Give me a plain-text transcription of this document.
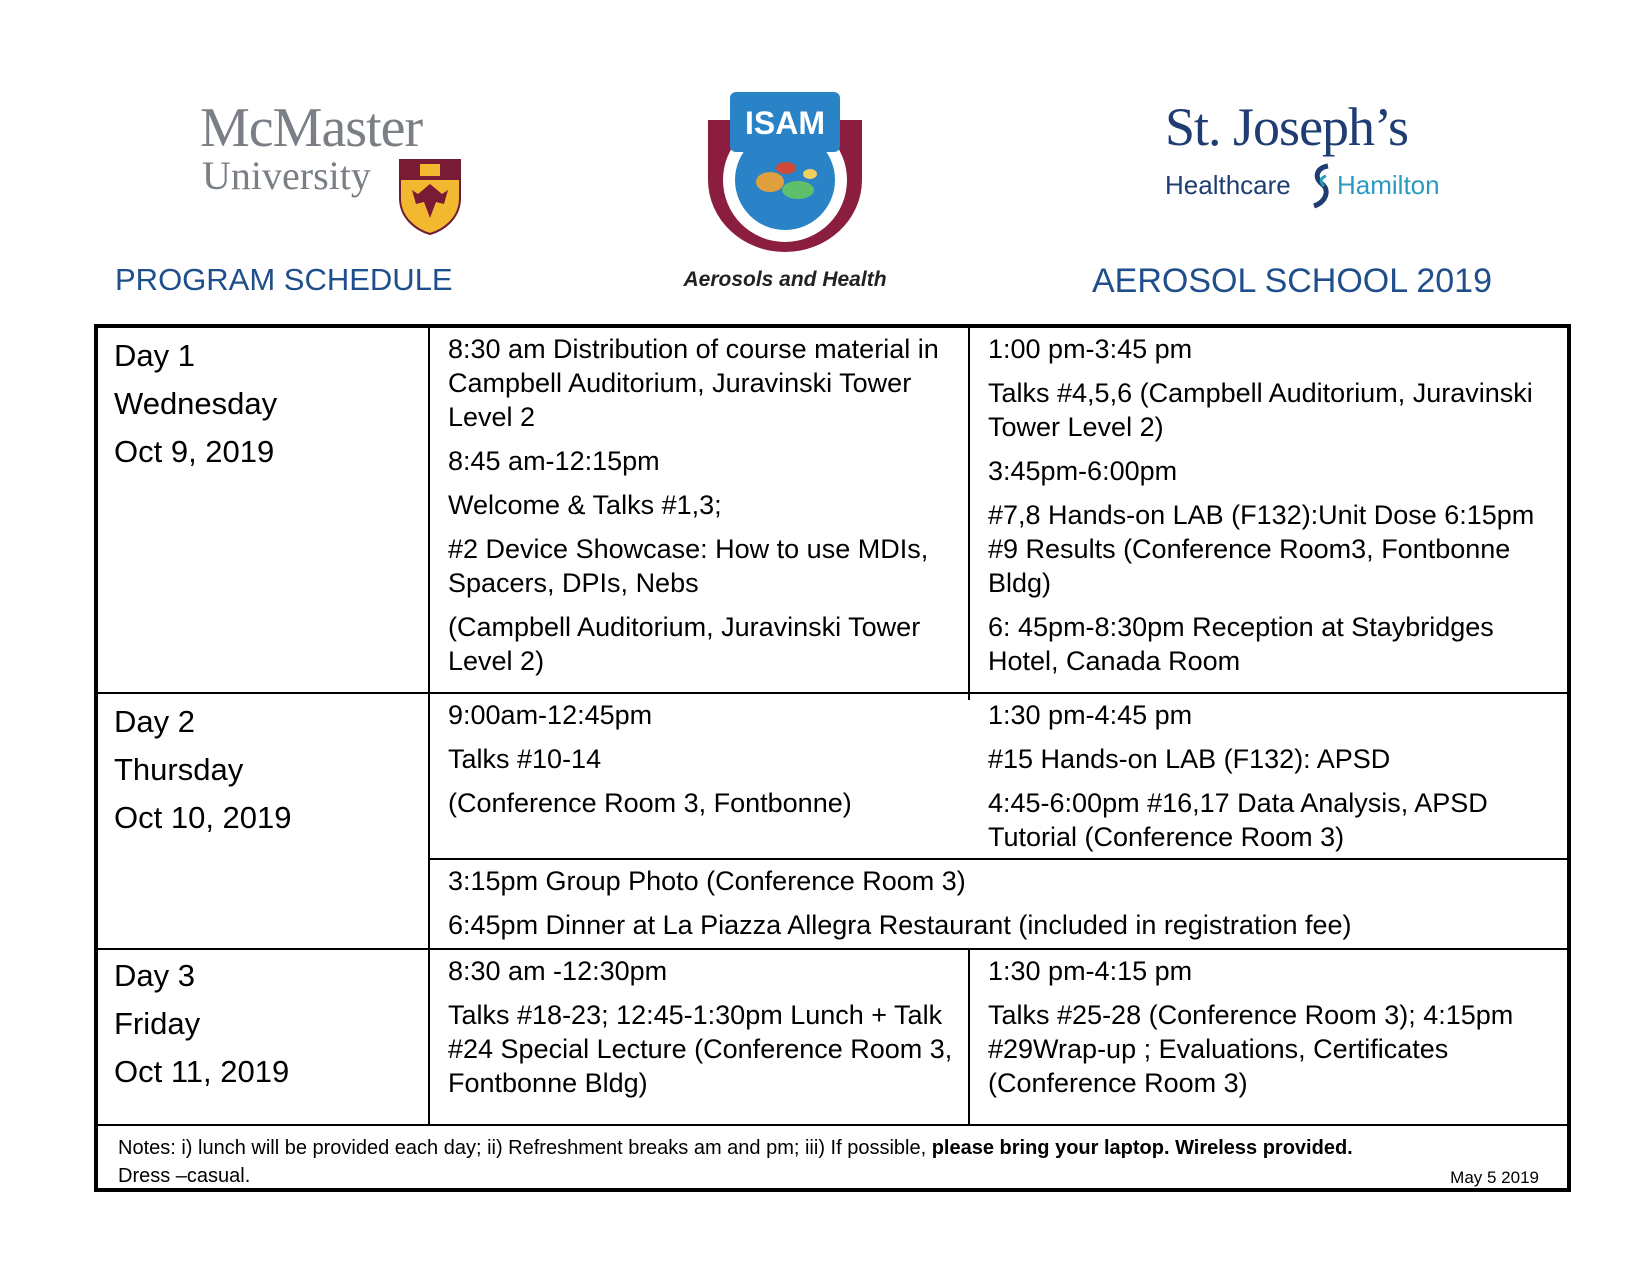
McMaster
University
ISAM
Aerosols and Health
St. Joseph’s
Healthcare Hamilton
PROGRAM SCHEDULE	AEROSOL SCHOOL 2019

Day 1

Wednesday

Oct 9, 2019

8:30 am Distribution of course material in Campbell Auditorium, Juravinski Tower Level 2

8:45 am-12:15pm

Welcome & Talks #1,3;

#2 Device Showcase: How to use MDIs, Spacers, DPIs, Nebs

(Campbell Auditorium, Juravinski Tower Level 2)

1:00 pm-3:45 pm

Talks #4,5,6 (Campbell Auditorium, Juravinski Tower Level 2)

3:45pm-6:00pm

#7,8 Hands-on LAB (F132):Unit Dose 6:15pm #9 Results (Conference Room3, Fontbonne Bldg)

6: 45pm-8:30pm Reception at Staybridges Hotel, Canada Room

Day 2

Thursday

Oct 10, 2019

9:00am-12:45pm

Talks #10-14

(Conference Room 3, Fontbonne)

1:30 pm-4:45 pm

#15 Hands-on LAB (F132): APSD

4:45-6:00pm #16,17 Data Analysis, APSD Tutorial (Conference Room 3)

3:15pm Group Photo (Conference Room 3)

6:45pm Dinner at La Piazza Allegra Restaurant (included in registration fee)

Day 3

Friday

Oct 11, 2019

8:30 am -12:30pm

Talks #18-23; 12:45-1:30pm Lunch + Talk #24 Special Lecture (Conference Room 3, Fontbonne Bldg)

1:30 pm-4:15 pm

Talks #25-28 (Conference Room 3); 4:15pm #29Wrap-up ; Evaluations, Certificates (Conference Room 3)

Notes: i) lunch will be provided each day; ii) Refreshment breaks am and pm; iii) If possible, please bring your laptop. Wireless provided.
Dress –casual.	May 5 2019
